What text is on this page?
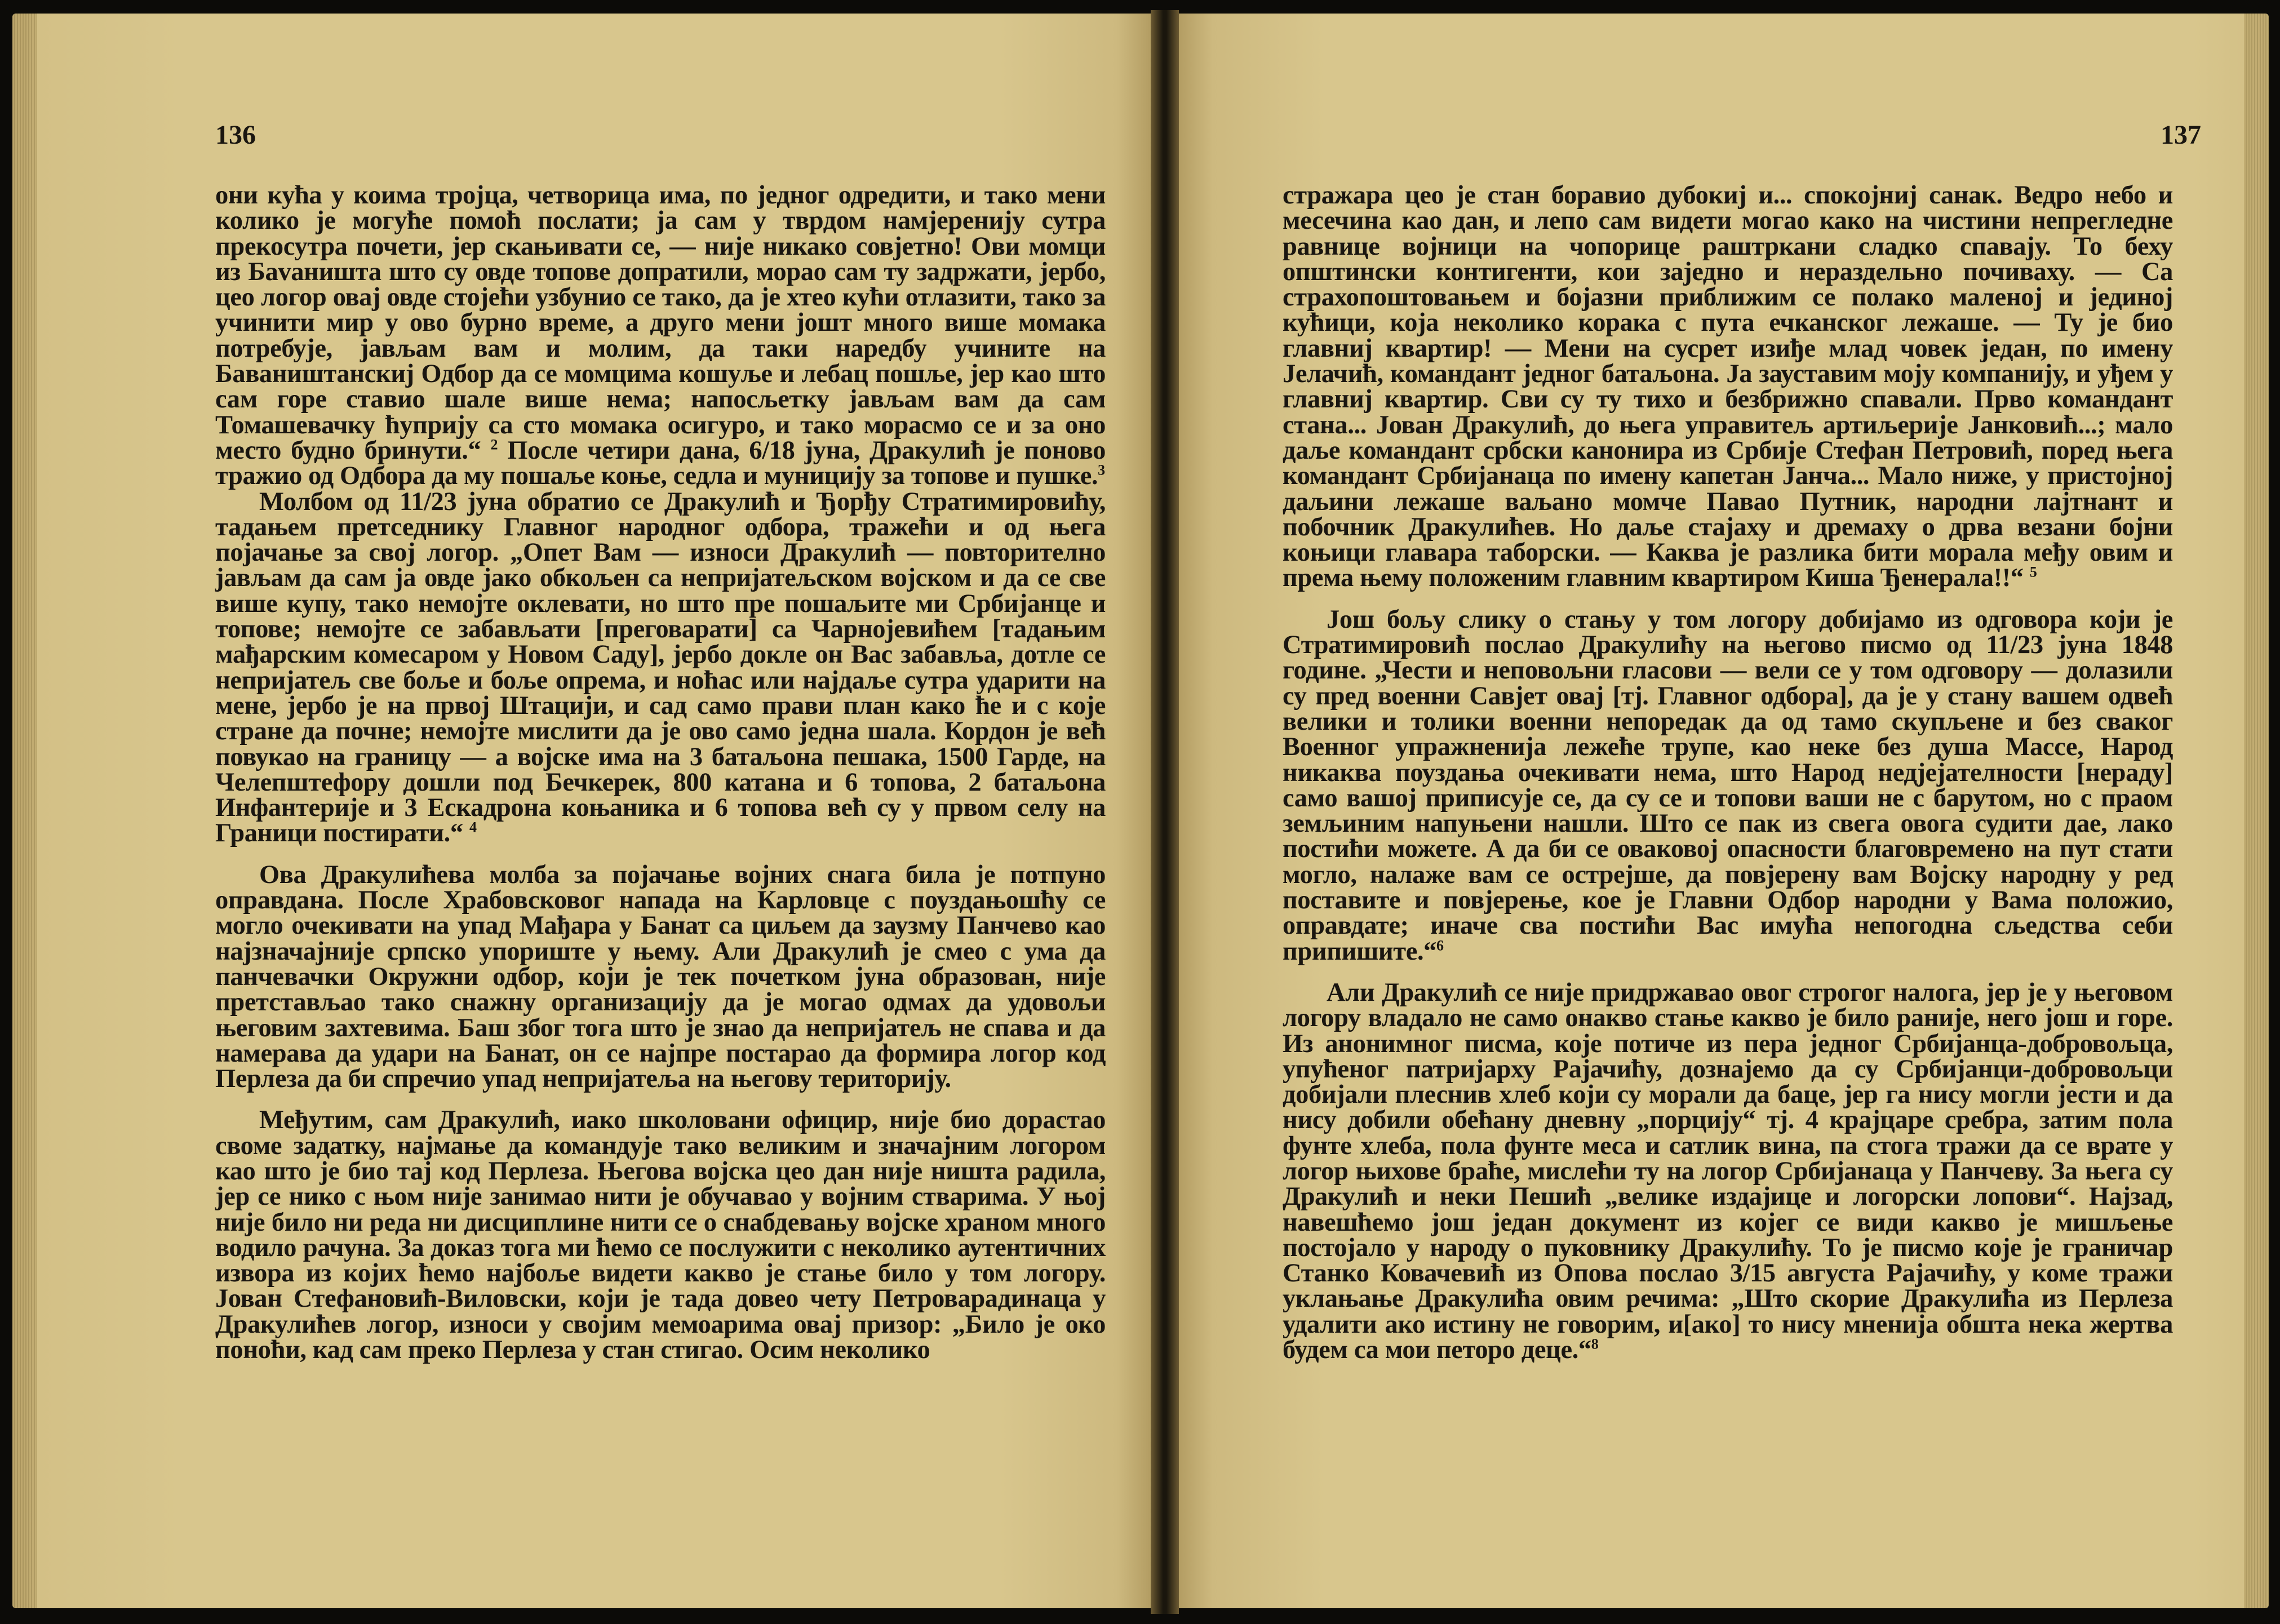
136

они кућа у коима тројца, четворица има, по једног одредити, и тако мени колико је могуће помоћ послати; ја сам у тврдом намјеренију сутра прекосутра почети, јер скањивати се, — није никако совјетно! Ови момци из Бavaништа што су овде топове допратили, морао сам ту задржати, јербо, цео логор овај овде стојећи узбунио се тако, да је хтео кући отлазити, тако за учинити мир у ово бурно време, а друго мени јошт много више момака потребује, јављам вам и молим, да таки наредбу учините на Бавaништанскиј Одбор да се момцима кошуље и лебац пошље, јер као што сам горе ставио шале више нема; напосљетку јављам вам да сам Томашевачку ћуприју са сто момака осигуро, и тако морасмо се и за оно место будно бринути.“ $^2$ После четири дана, 6/18 јуна, Дракулић је поново тражио од Одбора да му пошаље коње, седла и муницију за топове и пушке.$^3$

Молбом од 11/23 јуна обратио се Дракулић и Ђорђу Стратимировићу, тадањем претседнику Главног народног одбора, тражећи и од њега појачање за свој логор. „Опет Вам — износи Дракулић — повторително јављам да сам ја овде јако обкољен са непријатељском војском и да се све више купу, тако немојте оклевати, но што пре пошаљите ми Србијанце и топове; немојте се забављати [преговарати] са Чарнојевићем [тадањим мађарским комесаром у Новом Саду], јербо докле он Вас забавља, дотле се непријатељ све боље и боље опрема, и ноћас или најдаље сутра ударити на мене, јербо је на првој Штацији, и сад само прави план како ће и с које стране да почне; немојте мислити да је ово само једна шала. Кордон је већ повукао на границу — а војске има на 3 батаљона пешака, 1500 Гарде, на Челепштефору дошли под Бечкерек, 800 катана и 6 топова, 2 батаљона Инфантерије и 3 Ескадрона коњаника и 6 топова већ су у првом селу на Граници постирати.“ $^4$

Ова Дракулићева молба за појачање војних снага била је потпуно оправдана. После Храбовсковог напада на Карловце с поуздањошћу се могло очекивати на упад Мађара у Банат са циљем да заузму Панчево као најзначајније српско упориште у њему. Али Дракулић је смео с ума да панчевачки Окружни одбор, који је тек почетком јуна образован, није претстављао тако снажну организацију да је могао одмах да удовољи његовим захтевима. Баш због тога што је знао да непријатељ не спава и да намерава да удари на Банат, он се најпре постарао да формира логор код Перлеза да би спречио упад непријатеља на његову територију.

Међутим, сам Дракулић, иако школовани официр, није био дорастао своме задатку, најмање да командује тако великим и значајним логором као што је био тај код Перлеза. Његова војска цео дан није ништа радила, јер се нико с њом није занимао нити је обучавао у војним стварима. У њој није било ни реда ни дисциплине нити се о снабдевању војске храном много водило рачуна. За доказ тога ми ћемо се послужити с неколико аутентичних извора из којих ћемо најбоље видети какво је стање било у том логору. Јован Стефановић-Виловски, који је тада довео чету Петроварадинаца у Дракулићев логор, износи у својим мемоарима овај призор: „Било је око поноћи, кад сам преко Перлеза у стан стигао. Осим неколико

137

стражара цео је стан боравио дубокиј и... спокојниј санак. Ведро небо и месечина као дан, и лепо сам видети могао како на чистини непрегледне равнице војници на чопорице раштркани сладко спавају. То беху општински контигенти, кои заједно и нераздельно почивaху. — Са страхопоштовањем и бојазни приближим се полако маленој и јединој кућици, која неколико корака с пута ечканског лежаше. — Ту је био главниј квартир! — Мени на сусрет изиђе млад човек један, по имену Јелачић, командант једног батаљона. Ја зауставим моју компанију, и уђем у главниј квартир. Сви су ту тихо и безбрижно спавали. Прво командант стана... Јован Дракулић, до њега управитељ артиљерије Јанковић...; мало даље командант србски канонира из Србије Стефан Петровић, поред њега командант Србијанаца по имену капетан Јанча... Мало ниже, у пристојној даљини лежаше ваљано момче Павао Путник, народни лајтнант и побочник Дракулићев. Но даље стајаху и дремаху о дрва везани бојни коњици главара таборски. — Каква је разлика бити морала међу овим и према њему положеним главним квартиром Киша Ђенерала!!“ $^5$

Још бољу слику о стању у том логору добијамо из одговора који је Стратимировић послао Дракулићу на његово писмо од 11/23 јуна 1848 године. „Чести и неповољни гласови — вели се у том одговору — долазили су пред военни Савјет овај [тј. Главног одбора], да је у стану вашем одвећ велики и толики военни непоредак да од тамо скупљене и без сваког Военног упражненија лежеће трупе, као неке без душа Массе, Народ никаква поуздања очекивати нема, што Народ недјејателности [нераду] само вашој приписује се, да су се и топови ваши не с барутом, но с праом земљиним напуњени нашли. Што се пак из свега овога судити дае, лако постићи можете. А да би се оваковој опасности благовремено на пут стати могло, налаже вам се острејше, да повјерену вам Војску народну у ред поставите и повјерење, кое је Главни Одбор народни у Вама положио, оправдате; иначе сва постићи Вас имућа непогодна сљедства себи припишите.“$^6$

Али Дракулић се није придржавао овог строгог налога, јер је у његовом логору владало не само онакво стање какво је било раније, него још и горе. Из анонимног писма, које потиче из пера једног Србијанца-добровољца, упућеног патријарху Рајачићу, дознајемо да су Србијанци-добровољци добијали плеснив хлеб који су морали да баце, јер га нису могли јести и да нису добили обећану дневну „порцију“ тј. 4 крајцаре сребра, затим пола фунте хлеба, пола фунте меса и сатлик вина, па стога тражи да се врате у логор њихове браће, мислећи ту на логор Србијанаца у Панчеву. За њега су Дракулић и неки Пешић „велике издајице и логорски лопови“. Најзад, навешћемо још један документ из којег се види какво је мишљење постојало у народу о пуковнику Дракулићу. То је писмо које је граничар Станко Ковачевић из Опова послао 3/15 августа Рајачићу, у коме тражи уклањање Дракулића овим речима: „Што скорие Дракулића из Перлеза удалити ако истину не говорим, и[ако] то нису мнениjа обшта нека жертва будем са мои петоро деце.“$^8$
